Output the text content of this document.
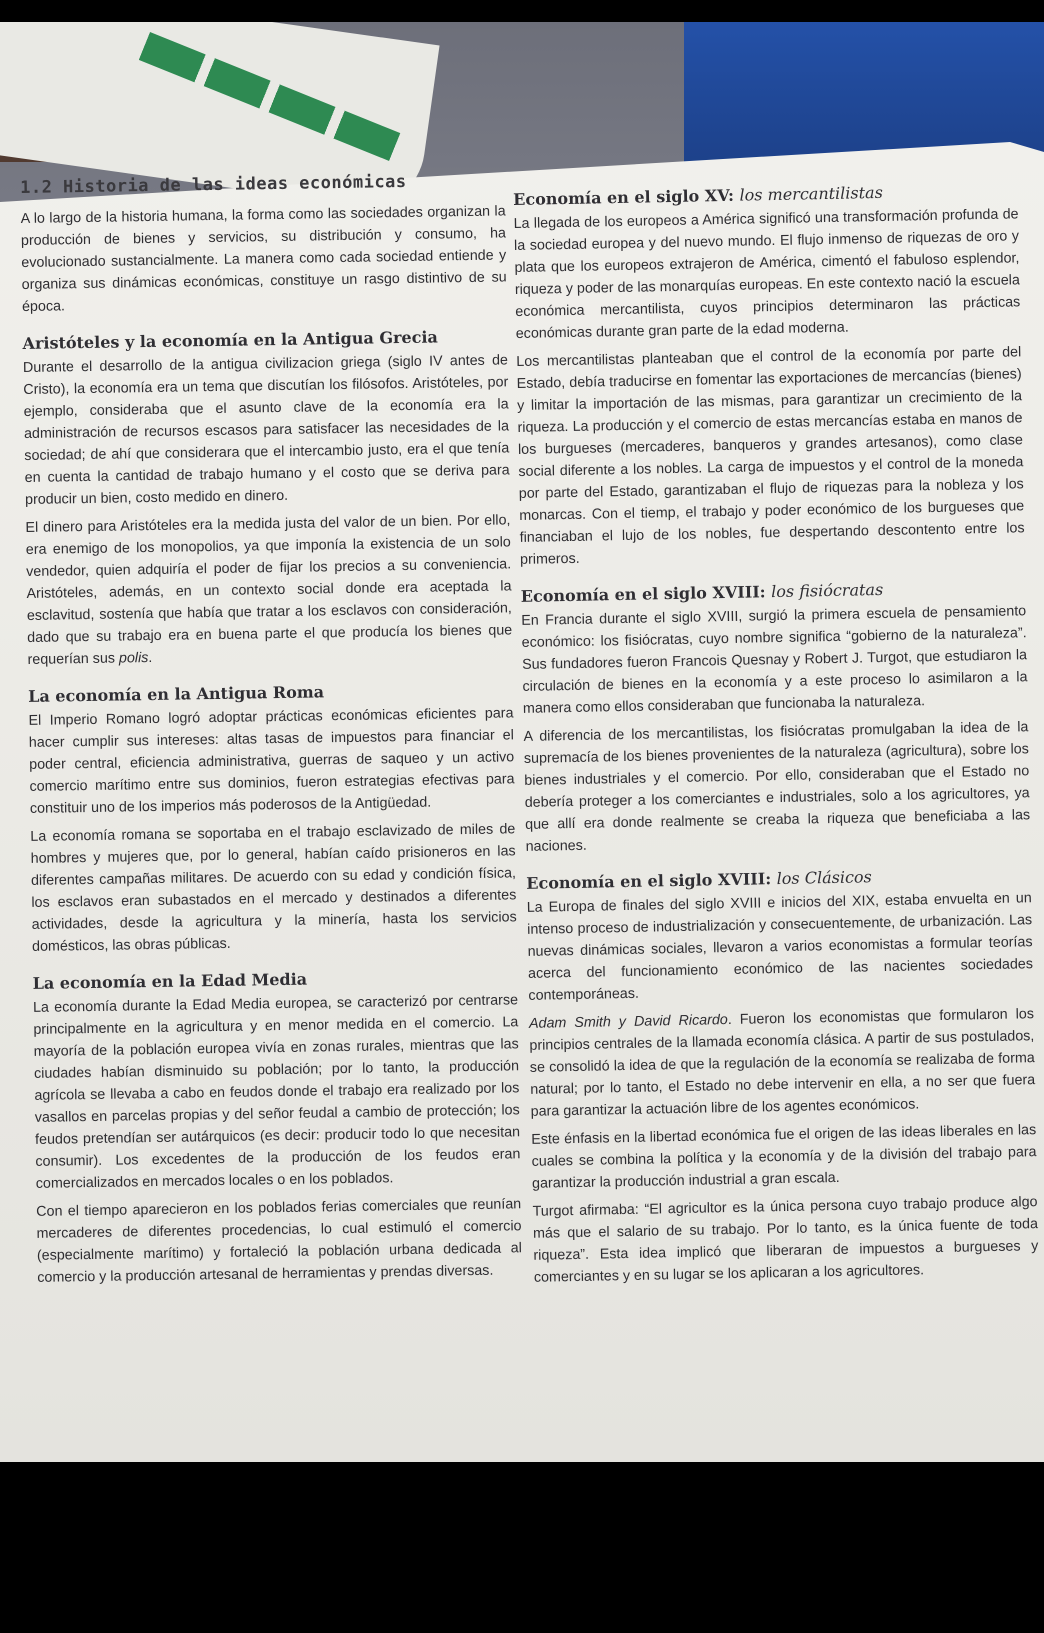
1.2 Historia de las ideas económicas

A lo largo de la historia humana, la forma como las sociedades organizan la producción de bienes y servicios, su distribución y consumo, ha evolucionado sustancialmente. La manera como cada sociedad entiende y organiza sus dinámicas económicas, constituye un rasgo distintivo de su época.

Aristóteles y la economía en la Antigua Grecia

Durante el desarrollo de la antigua civilizacion griega (siglo IV antes de Cristo), la economía era un tema que discutían los filósofos. Aristóteles, por ejemplo, consideraba que el asunto clave de la economía era la administración de recursos escasos para satisfacer las necesidades de la sociedad; de ahí que considerara que el intercambio justo, era el que tenía en cuenta la cantidad de trabajo humano y el costo que se deriva para producir un bien, costo medido en dinero.

El dinero para Aristóteles era la medida justa del valor de un bien. Por ello, era enemigo de los monopolios, ya que imponía la existencia de un solo vendedor, quien adquiría el poder de fijar los precios a su conveniencia. Aristóteles, además, en un contexto social donde era aceptada la esclavitud, sostenía que había que tratar a los esclavos con consideración, dado que su trabajo era en buena parte el que producía los bienes que requerían sus polis.

La economía en la Antigua Roma

El Imperio Romano logró adoptar prácticas económicas eficientes para hacer cumplir sus intereses: altas tasas de impuestos para financiar el poder central, eficiencia administrativa, guerras de saqueo y un activo comercio marítimo entre sus dominios, fueron estrategias efectivas para constituir uno de los imperios más poderosos de la Antigüedad.

La economía romana se soportaba en el trabajo esclavizado de miles de hombres y mujeres que, por lo general, habían caído prisioneros en las diferentes campañas militares. De acuerdo con su edad y condición física, los esclavos eran subastados en el mercado y destinados a diferentes actividades, desde la agricultura y la minería, hasta los servicios domésticos, las obras públicas.

La economía en la Edad Media

La economía durante la Edad Media europea, se caracterizó por centrarse principalmente en la agricultura y en menor medida en el comercio. La mayoría de la población europea vivía en zonas rurales, mientras que las ciudades habían disminuido su población; por lo tanto, la producción agrícola se llevaba a cabo en feudos donde el trabajo era realizado por los vasallos en parcelas propias y del señor feudal a cambio de protección; los feudos pretendían ser autárquicos (es decir: producir todo lo que necesitan consumir). Los excedentes de la producción de los feudos eran comercializados en mercados locales o en los poblados.

Con el tiempo aparecieron en los poblados ferias comerciales que reunían mercaderes de diferentes procedencias, lo cual estimuló el comercio (especialmente marítimo) y fortaleció la población urbana dedicada al comercio y la producción artesanal de herramientas y prendas diversas.

Economía en el siglo XV: los mercantilistas

La llegada de los europeos a América significó una transformación profunda de la sociedad europea y del nuevo mundo. El flujo inmenso de riquezas de oro y plata que los europeos extrajeron de América, cimentó el fabuloso esplendor, riqueza y poder de las monarquías europeas. En este contexto nació la escuela económica mercantilista, cuyos principios determinaron las prácticas económicas durante gran parte de la edad moderna.

Los mercantilistas planteaban que el control de la economía por parte del Estado, debía traducirse en fomentar las exportaciones de mercancías (bienes) y limitar la importación de las mismas, para garantizar un crecimiento de la riqueza. La producción y el comercio de estas mercancías estaba en manos de los burgueses (mercaderes, banqueros y grandes artesanos), como clase social diferente a los nobles. La carga de impuestos y el control de la moneda por parte del Estado, garantizaban el flujo de riquezas para la nobleza y los monarcas. Con el tiemp, el trabajo y poder económico de los burgueses que financiaban el lujo de los nobles, fue despertando descontento entre los primeros.

Economía en el siglo XVIII: los fisiócratas

En Francia durante el siglo XVIII, surgió la primera escuela de pensamiento económico: los fisiócratas, cuyo nombre significa “gobierno de la naturaleza”. Sus fundadores fueron Francois Quesnay y Robert J. Turgot, que estudiaron la circulación de bienes en la economía y a este proceso lo asimilaron a la manera como ellos consideraban que funcionaba la naturaleza.

A diferencia de los mercantilistas, los fisiócratas promulgaban la idea de la supremacía de los bienes provenientes de la naturaleza (agricultura), sobre los bienes industriales y el comercio. Por ello, consideraban que el Estado no debería proteger a los comerciantes e industriales, solo a los agricultores, ya que allí era donde realmente se creaba la riqueza que beneficiaba a las naciones.

Economía en el siglo XVIII: los Clásicos

La Europa de finales del siglo XVIII e inicios del XIX, estaba envuelta en un intenso proceso de industrialización y consecuentemente, de urbanización. Las nuevas dinámicas sociales, llevaron a varios economistas a formular teorías acerca del funcionamiento económico de las nacientes sociedades contemporáneas.

Adam Smith y David Ricardo. Fueron los economistas que formularon los principios centrales de la llamada economía clásica. A partir de sus postulados, se consolidó la idea de que la regulación de la economía se realizaba de forma natural; por lo tanto, el Estado no debe intervenir en ella, a no ser que fuera para garantizar la actuación libre de los agentes económicos.

Este énfasis en la libertad económica fue el origen de las ideas liberales en las cuales se combina la política y la economía y de la división del trabajo para garantizar la producción industrial a gran escala.

Turgot afirmaba: “El agricultor es la única persona cuyo trabajo produce algo más que el salario de su trabajo. Por lo tanto, es la única fuente de toda riqueza”. Esta idea implicó que liberaran de impuestos a burgueses y comerciantes y en su lugar se los aplicaran a los agricultores.
